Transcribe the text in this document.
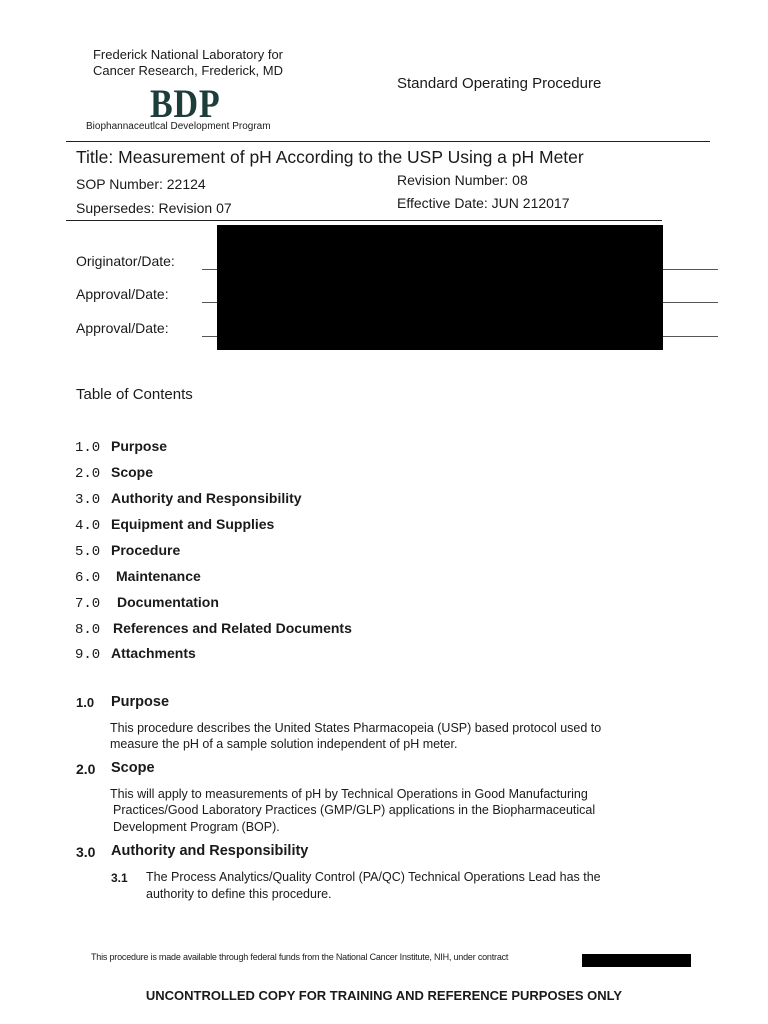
Frederick National Laboratory for
Cancer Research, Frederick, MD
BDP
Biophannaceutlcal Development Program
Standard Operating Procedure
Title: Measurement of pH According to the USP Using a pH Meter
SOP Number: 22124	Revision Number: 08
Supersedes: Revision 07	Effective Date: JUN 212017
Originator/Date:
Approval/Date:
Approval/Date:
Table of Contents
1.0 Purpose
2.0 Scope
3.0 Authority and Responsibility
4.0 Equipment and Supplies
5.0 Procedure
6.0 Maintenance
7.0 Documentation
8.0 References and Related Documents
9.0 Attachments
1.0 Purpose
This procedure describes the United States Pharmacopeia (USP) based protocol used to
measure the pH of a sample solution independent of pH meter.
2.0 Scope
This will apply to measurements of pH by Technical Operations in Good Manufacturing
Practices/Good Laboratory Practices (GMP/GLP) applications in the Biopharmaceutical
Development Program (BOP).
3.0 Authority and Responsibility
3.1 The Process Analytics/Quality Control (PA/QC) Technical Operations Lead has the
authority to define this procedure.
This procedure is made available through federal funds from the National Cancer Institute, NIH, under contract
UNCONTROLLED COPY FOR TRAINING AND REFERENCE PURPOSES ONLY
